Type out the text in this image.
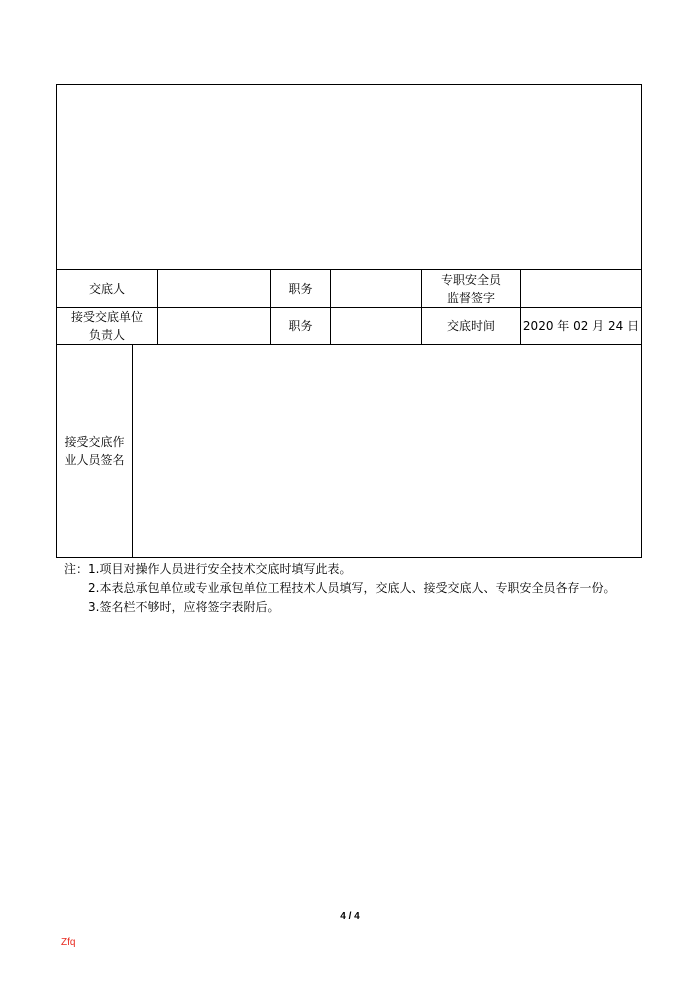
交底人	职务
专职安全员
监督签字
接受交底单位
负责人
职务	交底时间 2020 年 02 月 24 日
接受交底作
业人员签名
注：1.项目对操作人员进行安全技术交底时填写此表。
2.本表总承包单位或专业承包单位工程技术人员填写，交底人、接受交底人、专职安全员各存一份。
3.签名栏不够时，应将签字表附后。
4 / 4
Zfq
